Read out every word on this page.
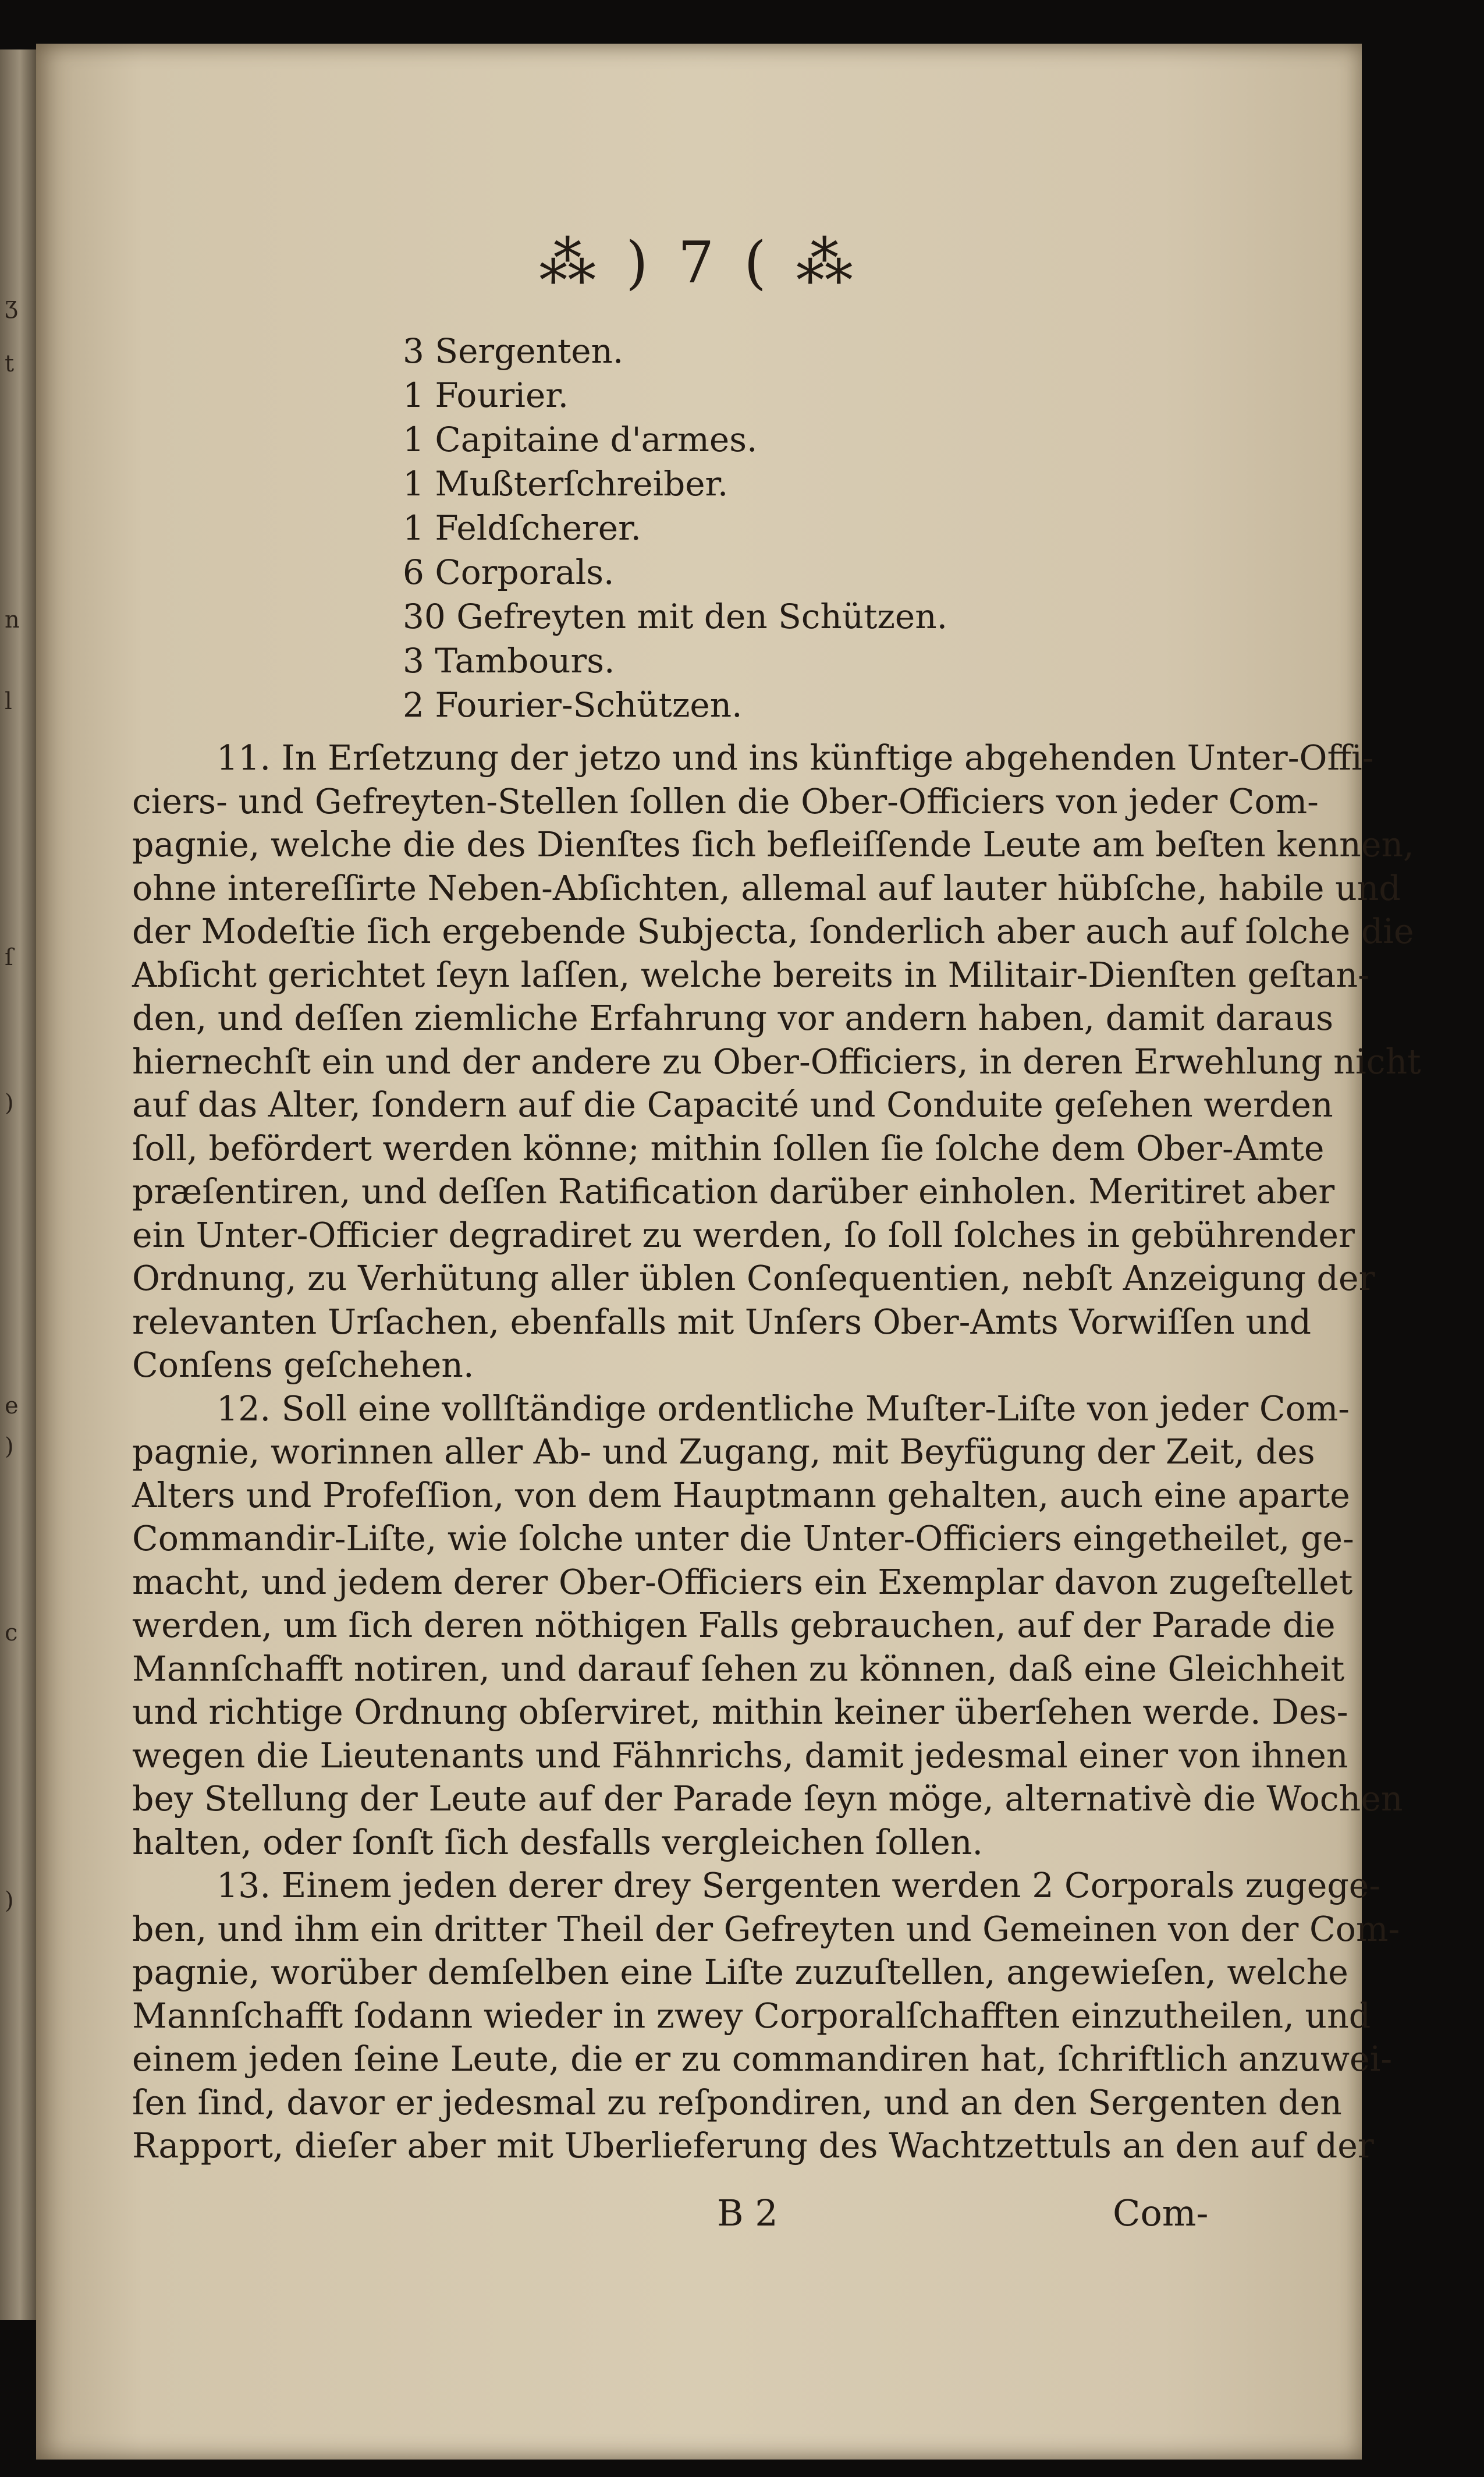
ʒ
t
n
l
ſ
)
e
)
c
)
⁂ ) 7 ( ⁂
3 Sergenten.
1 Fourier.
1 Capitaine d'armes.
1 Mußterſchreiber.
1 Feldſcherer.
6 Corporals.
30 Gefreyten mit den Schützen.
3 Tambours.
2 Fourier-Schützen.
11. In Erſetzung der jetzo und ins künftige abgehenden Unter-Offi-
ciers- und Gefreyten-Stellen ſollen die Ober-Officiers von jeder Com-
pagnie, welche die des Dienſtes ſich befleiſſende Leute am beſten kennen,
ohne intereſſirte Neben-Abſichten, allemal auf lauter hübſche, habile und
der Modeſtie ſich ergebende Subjecta, ſonderlich aber auch auf ſolche die
Abſicht gerichtet ſeyn laſſen, welche bereits in Militair-Dienſten geſtan-
den, und deſſen ziemliche Erfahrung vor andern haben, damit daraus
hiernechſt ein und der andere zu Ober-Officiers, in deren Erwehlung nicht
auf das Alter, ſondern auf die Capacité und Conduite geſehen werden
ſoll, befördert werden könne; mithin ſollen ſie ſolche dem Ober-Amte
præſentiren, und deſſen Ratification darüber einholen. Meritiret aber
ein Unter-Officier degradiret zu werden, ſo ſoll ſolches in gebührender
Ordnung, zu Verhütung aller üblen Conſequentien, nebſt Anzeigung der
relevanten Urſachen, ebenfalls mit Unſers Ober-Amts Vorwiſſen und
Conſens geſchehen.
12. Soll eine vollſtändige ordentliche Muſter-Liſte von jeder Com-
pagnie, worinnen aller Ab- und Zugang, mit Beyfügung der Zeit, des
Alters und Profeſſion, von dem Hauptmann gehalten, auch eine aparte
Commandir-Liſte, wie ſolche unter die Unter-Officiers eingetheilet, ge-
macht, und jedem derer Ober-Officiers ein Exemplar davon zugeſtellet
werden, um ſich deren nöthigen Falls gebrauchen, auf der Parade die
Mannſchafft notiren, und darauf ſehen zu können, daß eine Gleichheit
und richtige Ordnung obſerviret, mithin keiner überſehen werde. Des-
wegen die Lieutenants und Fähnrichs, damit jedesmal einer von ihnen
bey Stellung der Leute auf der Parade ſeyn möge, alternativè die Wochen
halten, oder ſonſt ſich desfalls vergleichen ſollen.
13. Einem jeden derer drey Sergenten werden 2 Corporals zugege-
ben, und ihm ein dritter Theil der Gefreyten und Gemeinen von der Com-
pagnie, worüber demſelben eine Liſte zuzuſtellen, angewieſen, welche
Mannſchafft ſodann wieder in zwey Corporalſchafften einzutheilen, und
einem jeden ſeine Leute, die er zu commandiren hat, ſchriftlich anzuwei-
ſen ſind, davor er jedesmal zu reſpondiren, und an den Sergenten den
Rapport, dieſer aber mit Uberlieferung des Wachtzettuls an den auf der
B 2	Com-
